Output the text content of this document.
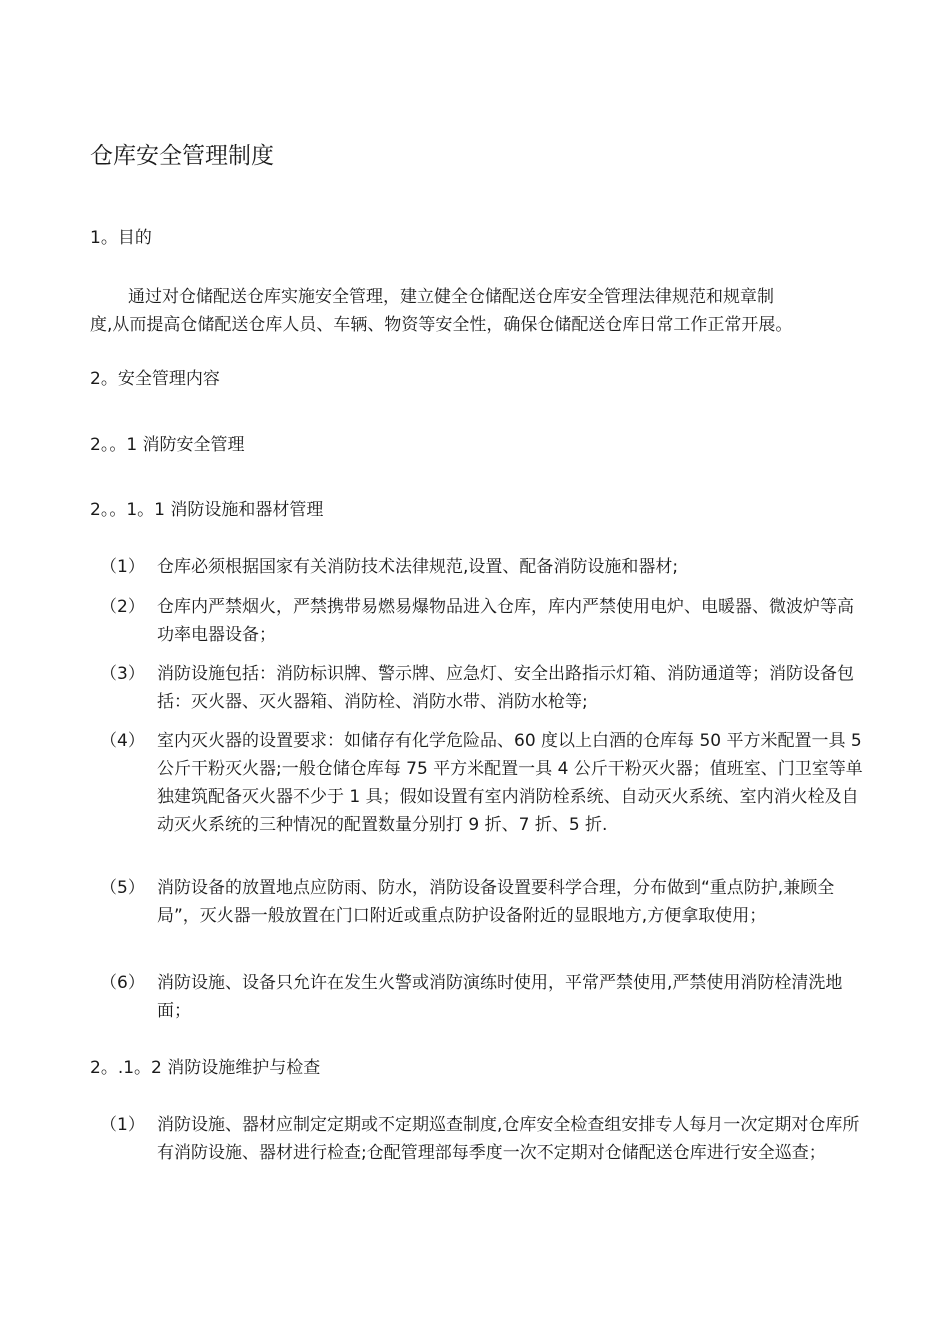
仓库安全管理制度

1。目的

通过对仓储配送仓库实施安全管理，建立健全仓储配送仓库安全管理法律规范和规章制
度,从而提高仓储配送仓库人员、车辆、物资等安全性，确保仓储配送仓库日常工作正常开展。

2。安全管理内容

2。。1 消防安全管理

2。。1。1 消防设施和器材管理

（1） 仓库必须根据国家有关消防技术法律规范,设置、配备消防设施和器材;
（2） 仓库内严禁烟火，严禁携带易燃易爆物品进入仓库，库内严禁使用电炉、电暖器、微波炉等高功率电器设备；
（3） 消防设施包括：消防标识牌、警示牌、应急灯、安全出路指示灯箱、消防通道等；消防设备包括：灭火器、灭火器箱、消防栓、消防水带、消防水枪等;
（4） 室内灭火器的设置要求：如储存有化学危险品、60 度以上白酒的仓库每 50 平方米配置一具 5 公斤干粉灭火器;一般仓储仓库每 75 平方米配置一具 4 公斤干粉灭火器；值班室、门卫室等单独建筑配备灭火器不少于 1 具；假如设置有室内消防栓系统、自动灭火系统、室内消火栓及自动灭火系统的三种情况的配置数量分别打 9 折、7 折、5 折.
（5） 消防设备的放置地点应防雨、防水，消防设备设置要科学合理，分布做到“重点防护,兼顾全局”，灭火器一般放置在门口附近或重点防护设备附近的显眼地方,方便拿取使用；
（6） 消防设施、设备只允许在发生火警或消防演练时使用，平常严禁使用,严禁使用消防栓清洗地面；

2。.1。2 消防设施维护与检查

（1） 消防设施、器材应制定定期或不定期巡查制度,仓库安全检查组安排专人每月一次定期对仓库所有消防设施、器材进行检查;仓配管理部每季度一次不定期对仓储配送仓库进行安全巡查；
